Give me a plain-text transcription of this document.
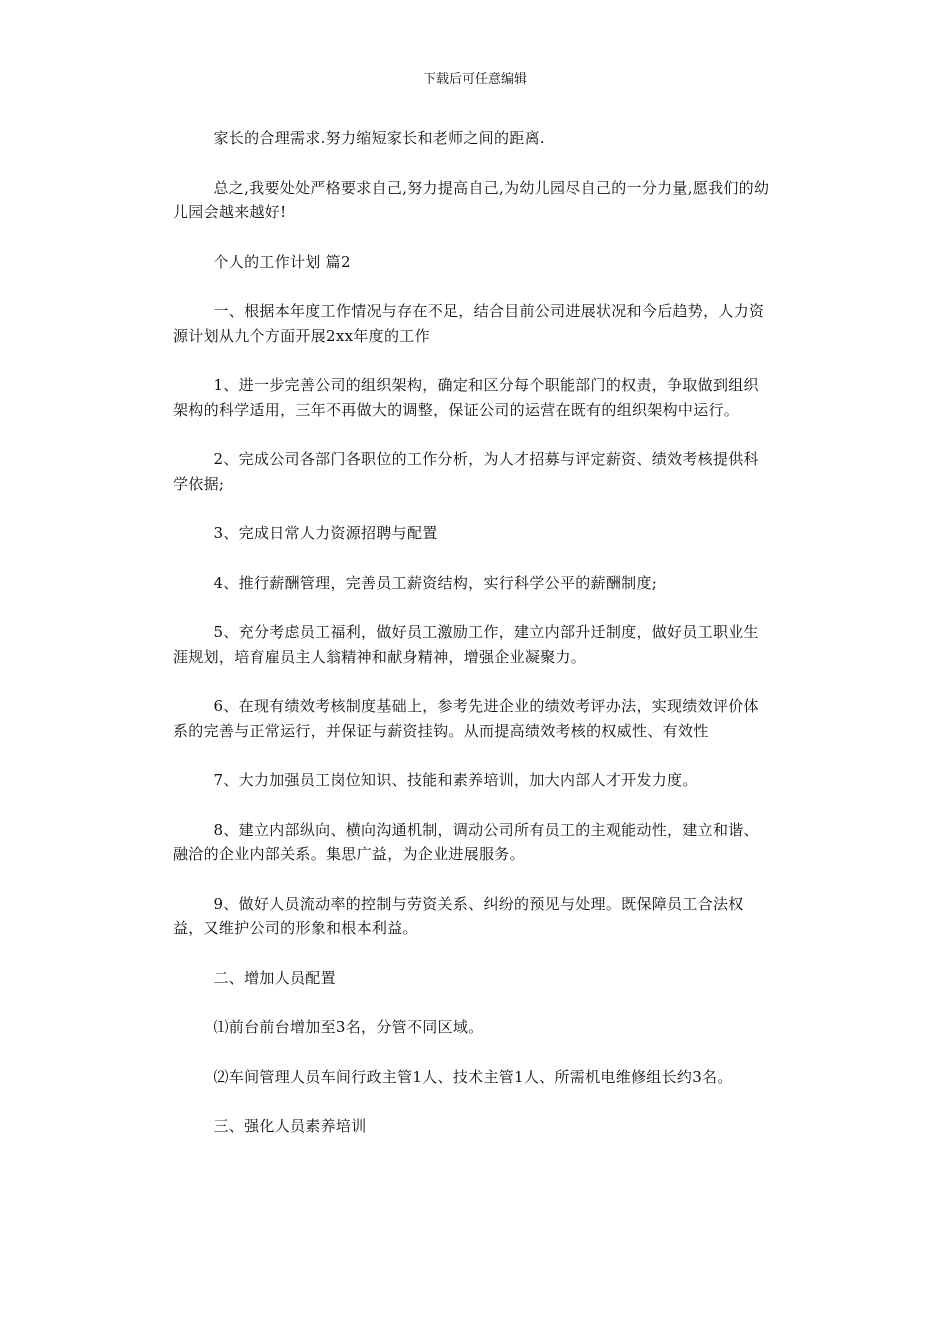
下载后可任意编辑

家长的合理需求.努力缩短家长和老师之间的距离.

总之,我要处处严格要求自己,努力提高自己,为幼儿园尽自己的一分力量,愿我们的幼儿园会越来越好!

个人的工作计划 篇2

一、根据本年度工作情况与存在不足，结合目前公司进展状况和今后趋势，人力资源计划从九个方面开展2xx年度的工作

1、进一步完善公司的组织架构，确定和区分每个职能部门的权责，争取做到组织架构的科学适用，三年不再做大的调整，保证公司的运营在既有的组织架构中运行。

2、完成公司各部门各职位的工作分析，为人才招募与评定薪资、绩效考核提供科学依据;

3、完成日常人力资源招聘与配置

4、推行薪酬管理，完善员工薪资结构，实行科学公平的薪酬制度;

5、充分考虑员工福利，做好员工激励工作，建立内部升迁制度，做好员工职业生涯规划，培育雇员主人翁精神和献身精神，增强企业凝聚力。

6、在现有绩效考核制度基础上，参考先进企业的绩效考评办法，实现绩效评价体系的完善与正常运行，并保证与薪资挂钩。从而提高绩效考核的权威性、有效性

7、大力加强员工岗位知识、技能和素养培训，加大内部人才开发力度。

8、建立内部纵向、横向沟通机制，调动公司所有员工的主观能动性，建立和谐、融洽的企业内部关系。集思广益，为企业进展服务。

9、做好人员流动率的控制与劳资关系、纠纷的预见与处理。既保障员工合法权益，又维护公司的形象和根本利益。

二、增加人员配置

⑴前台前台增加至3名，分管不同区域。

⑵车间管理人员车间行政主管1人、技术主管1人、所需机电维修组长约3名。

三、强化人员素养培训
